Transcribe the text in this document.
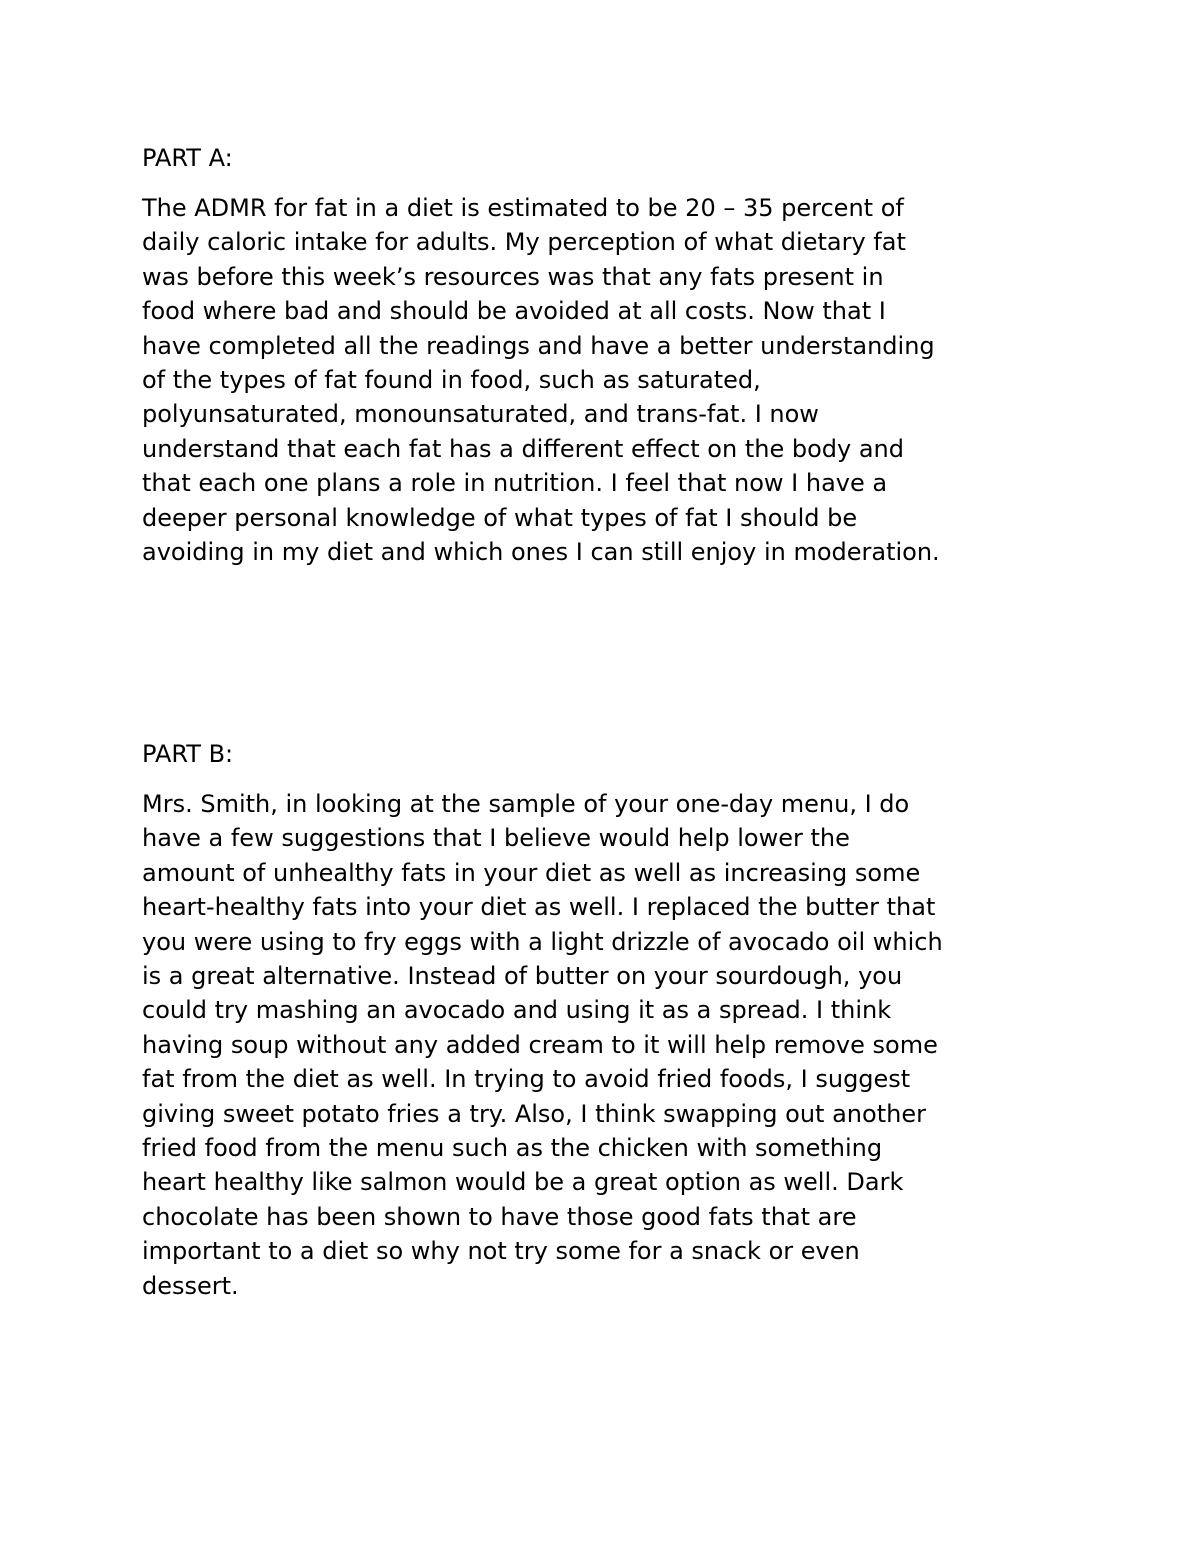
PART A:

The ADMR for fat in a diet is estimated to be 20 – 35 percent of
daily caloric intake for adults. My perception of what dietary fat
was before this week’s resources was that any fats present in
food where bad and should be avoided at all costs. Now that I
have completed all the readings and have a better understanding
of the types of fat found in food, such as saturated,
polyunsaturated, monounsaturated, and trans-fat. I now
understand that each fat has a different effect on the body and
that each one plans a role in nutrition. I feel that now I have a
deeper personal knowledge of what types of fat I should be
avoiding in my diet and which ones I can still enjoy in moderation.

PART B:

Mrs. Smith, in looking at the sample of your one-day menu, I do
have a few suggestions that I believe would help lower the
amount of unhealthy fats in your diet as well as increasing some
heart-healthy fats into your diet as well. I replaced the butter that
you were using to fry eggs with a light drizzle of avocado oil which
is a great alternative. Instead of butter on your sourdough, you
could try mashing an avocado and using it as a spread. I think
having soup without any added cream to it will help remove some
fat from the diet as well. In trying to avoid fried foods, I suggest
giving sweet potato fries a try. Also, I think swapping out another
fried food from the menu such as the chicken with something
heart healthy like salmon would be a great option as well. Dark
chocolate has been shown to have those good fats that are
important to a diet so why not try some for a snack or even
dessert.
